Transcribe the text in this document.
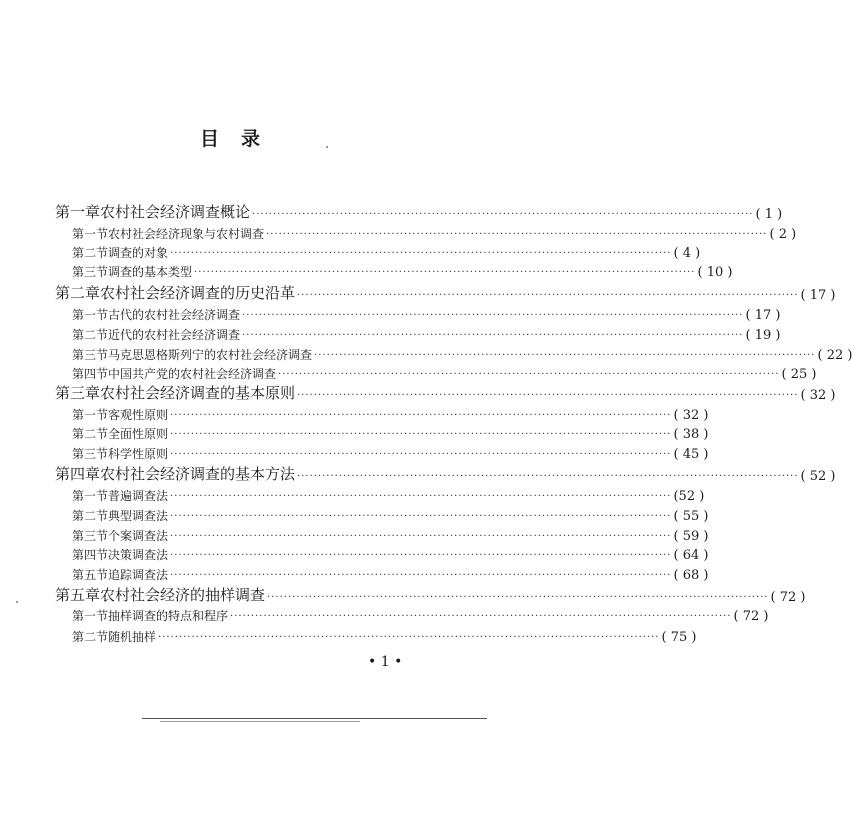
目录
第一章 农村社会经济调查概论 ························································································································ ( 1 )
第一节 农村社会经济现象与农村调查 ························································································································ ( 2 )
第二节 调查的对象 ························································································································ ( 4 )
第三节 调查的基本类型 ························································································································ ( 10 )
第二章 农村社会经济调查的历史沿革 ························································································································ ( 17 )
第一节 古代的农村社会经济调查 ························································································································ ( 17 )
第二节 近代的农村社会经济调查 ························································································································ ( 19 )
第三节 马克思恩格斯列宁的农村社会经济调查 ························································································································ ( 22 )
第四节 中国共产党的农村社会经济调查 ························································································································ ( 25 )
第三章 农村社会经济调查的基本原则 ························································································································ ( 32 )
第一节 客观性原则 ························································································································ ( 32 )
第二节 全面性原则 ························································································································ ( 38 )
第三节 科学性原则 ························································································································ ( 45 )
第四章 农村社会经济调查的基本方法 ························································································································ ( 52 )
第一节 普遍调查法 ························································································································ (52 )
第二节 典型调查法 ························································································································ ( 55 )
第三节 个案调查法 ························································································································ ( 59 )
第四节 决策调查法 ························································································································ ( 64 )
第五节 追踪调查法 ························································································································ ( 68 )
第五章 农村社会经济的抽样调查 ························································································································ ( 72 )
第一节 抽样调查的特点和程序 ························································································································ ( 72 )
第二节 随机抽样 ························································································································ ( 75 )
• 1 •
